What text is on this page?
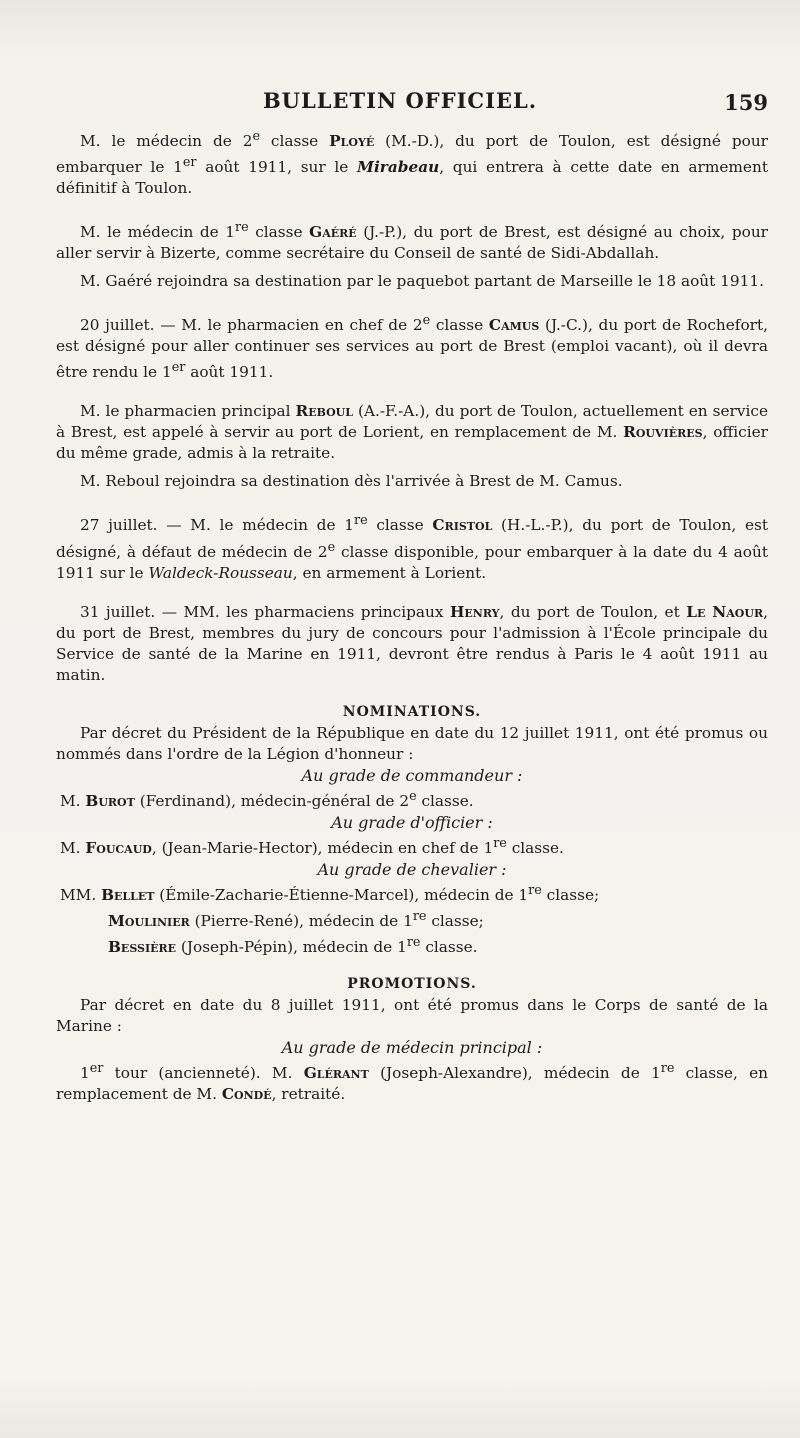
BULLETIN OFFICIEL.	159

M. le médecin de 2e classe Ployé (M.-D.), du port de Toulon, est désigné pour embarquer le 1er août 1911, sur le Mirabeau, qui entrera à cette date en armement définitif à Toulon.

M. le médecin de 1re classe Gaéré (J.-P.), du port de Brest, est désigné au choix, pour aller servir à Bizerte, comme secrétaire du Conseil de santé de Sidi-Abdallah.

M. Gaéré rejoindra sa destination par le paquebot partant de Marseille le 18 août 1911.

20 juillet. — M. le pharmacien en chef de 2e classe Camus (J.-C.), du port de Rochefort, est désigné pour aller continuer ses services au port de Brest (emploi vacant), où il devra être rendu le 1er août 1911.

M. le pharmacien principal Reboul (A.-F.-A.), du port de Toulon, actuellement en service à Brest, est appelé à servir au port de Lorient, en remplacement de M. Rouvières, officier du même grade, admis à la retraite.

M. Reboul rejoindra sa destination dès l'arrivée à Brest de M. Camus.

27 juillet. — M. le médecin de 1re classe Cristol (H.-L.-P.), du port de Toulon, est désigné, à défaut de médecin de 2e classe disponible, pour embarquer à la date du 4 août 1911 sur le Waldeck-Rousseau, en armement à Lorient.

31 juillet. — MM. les pharmaciens principaux Henry, du port de Toulon, et Le Naour, du port de Brest, membres du jury de concours pour l'admission à l'École principale du Service de santé de la Marine en 1911, devront être rendus à Paris le 4 août 1911 au matin.

NOMINATIONS.

Par décret du Président de la République en date du 12 juillet 1911, ont été promus ou nommés dans l'ordre de la Légion d'honneur :

Au grade de commandeur :

M. Burot (Ferdinand), médecin-général de 2e classe.

Au grade d'officier :

M. Foucaud, (Jean-Marie-Hector), médecin en chef de 1re classe.

Au grade de chevalier :

MM. Bellet (Émile-Zacharie-Étienne-Marcel), médecin de 1re classe;

Moulinier (Pierre-René), médecin de 1re classe;

Bessière (Joseph-Pépin), médecin de 1re classe.

PROMOTIONS.

Par décret en date du 8 juillet 1911, ont été promus dans le Corps de santé de la Marine :

Au grade de médecin principal :

1er tour (ancienneté). M. Glérant (Joseph-Alexandre), médecin de 1re classe, en remplacement de M. Condé, retraité.
